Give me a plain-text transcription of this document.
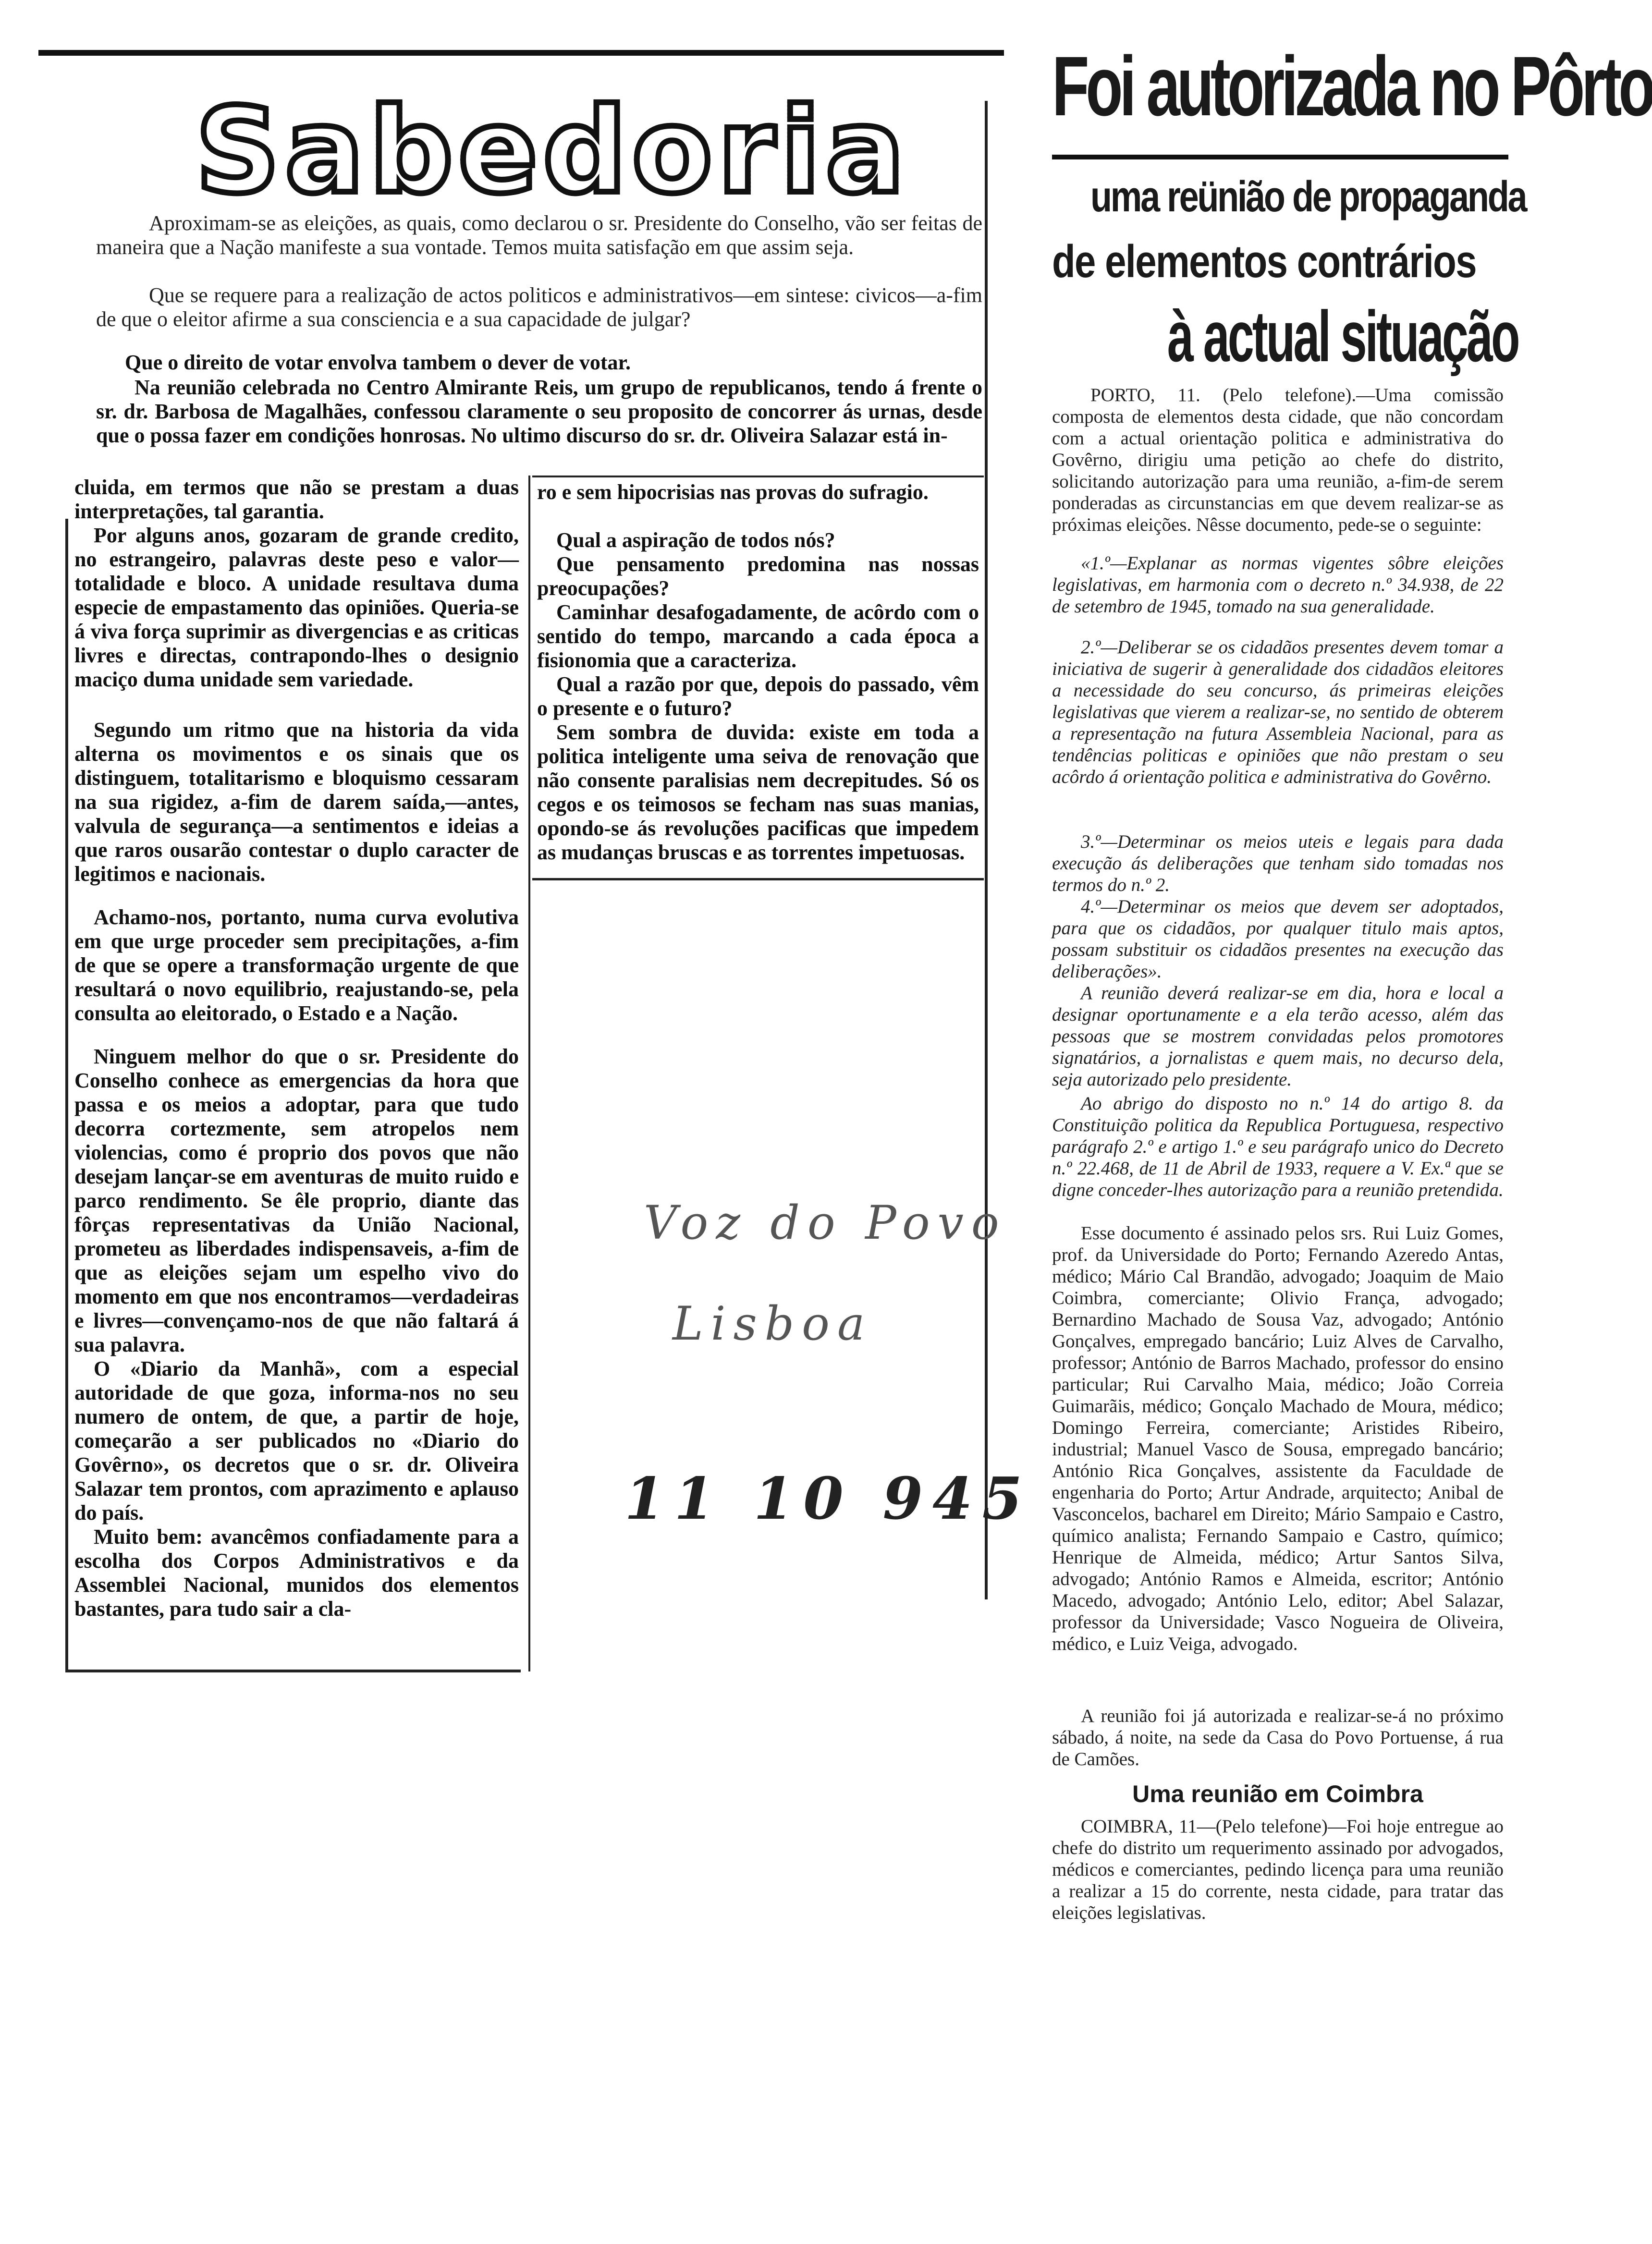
Sabedoria

Aproximam-se as eleições, as quais, como declarou o sr. Presidente do Conselho, vão ser feitas de maneira que a Nação manifeste a sua vontade. Temos muita satisfação em que assim seja.

Que se requere para a realização de actos politicos e administrativos—em sintese: civicos—a-fim de que o eleitor afirme a sua consciencia e a sua capacidade de julgar?

Que o direito de votar envolva tambem o dever de votar.

Na reunião celebrada no Centro Almirante Reis, um grupo de republicanos, tendo á frente o sr. dr. Barbosa de Magalhães, confessou claramente o seu proposito de concorrer ás urnas, desde que o possa fazer em condições honrosas. No ultimo discurso do sr. dr. Oliveira Salazar está in-

cluida, em termos que não se prestam a duas interpretações, tal garantia.

Por alguns anos, gozaram de grande credito, no estrangeiro, palavras deste peso e valor—totalidade e bloco. A unidade resultava duma especie de empastamento das opiniões. Queria-se á viva força suprimir as divergencias e as criticas livres e directas, contrapondo-lhes o designio maciço duma unidade sem variedade.

Segundo um ritmo que na historia da vida alterna os movimentos e os sinais que os distinguem, totalitarismo e bloquismo cessaram na sua rigidez, a-fim de darem saída,—antes, valvula de segurança—a sentimentos e ideias a que raros ousarão contestar o duplo caracter de legitimos e nacionais.

Achamo-nos, portanto, numa curva evolutiva em que urge proceder sem precipitações, a-fim de que se opere a transformação urgente de que resultará o novo equilibrio, reajustando-se, pela consulta ao eleitorado, o Estado e a Nação.

Ninguem melhor do que o sr. Presidente do Conselho conhece as emergencias da hora que passa e os meios a adoptar, para que tudo decorra cortezmente, sem atropelos nem violencias, como é proprio dos povos que não desejam lançar-se em aventuras de muito ruido e parco rendimento. Se êle proprio, diante das fôrças representativas da União Nacional, prometeu as liberdades indispensaveis, a-fim de que as eleições sejam um espelho vivo do momento em que nos encontramos—verdadeiras e livres—convençamo-nos de que não faltará á sua palavra.

O «Diario da Manhã», com a especial autoridade de que goza, informa-nos no seu numero de ontem, de que, a partir de hoje, começarão a ser publicados no «Diario do Govêrno», os decretos que o sr. dr. Oliveira Salazar tem prontos, com aprazimento e aplauso do país.

Muito bem: avancêmos confiadamente para a escolha dos Corpos Administrativos e da Assemblei Nacional, munidos dos elementos bastantes, para tudo sair a cla-

ro e sem hipocrisias nas provas do sufragio.

Qual a aspiração de todos nós?

Que pensamento predomina nas nossas preocupações?

Caminhar desafogadamente, de acôrdo com o sentido do tempo, marcando a cada época a fisionomia que a caracteriza.

Qual a razão por que, depois do passado, vêm o presente e o futuro?

Sem sombra de duvida: existe em toda a politica inteligente uma seiva de renovação que não consente paralisias nem decrepitudes. Só os cegos e os teimosos se fecham nas suas manias, opondo-se ás revoluções pacificas que impedem as mudanças bruscas e as torrentes impetuosas.

Voz do Povo
Lisboa
11 10 945
Foi autorizada no Pôrto
uma reünião de propaganda
de elementos contrários
à actual situação

PORTO, 11. (Pelo telefone).—Uma comissão composta de elementos desta cidade, que não concordam com a actual orientação politica e administrativa do Govêrno, dirigiu uma petição ao chefe do distrito, solicitando autorização para uma reunião, a-fim-de serem ponderadas as circunstancias em que devem realizar-se as próximas eleições. Nêsse documento, pede-se o seguinte:

«1.º—Explanar as normas vigentes sôbre eleições legislativas, em harmonia com o decreto n.º 34.938, de 22 de setembro de 1945, tomado na sua generalidade.

2.º—Deliberar se os cidadãos presentes devem tomar a iniciativa de sugerir à generalidade dos cidadãos eleitores a necessidade do seu concurso, ás primeiras eleições legislativas que vierem a realizar-se, no sentido de obterem a representação na futura Assembleia Nacional, para as tendências politicas e opiniões que não prestam o seu acôrdo á orientação politica e administrativa do Govêrno.

3.º—Determinar os meios uteis e legais para dada execução ás deliberações que tenham sido tomadas nos termos do n.º 2.

4.º—Determinar os meios que devem ser adoptados, para que os cidadãos, por qualquer titulo mais aptos, possam substituir os cidadãos presentes na execução das deliberações».

A reunião deverá realizar-se em dia, hora e local a designar oportunamente e a ela terão acesso, além das pessoas que se mostrem convidadas pelos promotores signatários, a jornalistas e quem mais, no decurso dela, seja autorizado pelo presidente.

Ao abrigo do disposto no n.º 14 do artigo 8. da Constituição politica da Republica Portuguesa, respectivo parágrafo 2.º e artigo 1.º e seu parágrafo unico do Decreto n.º 22.468, de 11 de Abril de 1933, requere a V. Ex.ª que se digne conceder-lhes autorização para a reunião pretendida.

Esse documento é assinado pelos srs. Rui Luiz Gomes, prof. da Universidade do Porto; Fernando Azeredo Antas, médico; Mário Cal Brandão, advogado; Joaquim de Maio Coimbra, comerciante; Olivio França, advogado; Bernardino Machado de Sousa Vaz, advogado; António Gonçalves, empregado bancário; Luiz Alves de Carvalho, professor; António de Barros Machado, professor do ensino particular; Rui Carvalho Maia, médico; João Correia Guimarãis, médico; Gonçalo Machado de Moura, médico; Domingo Ferreira, comerciante; Aristides Ribeiro, industrial; Manuel Vasco de Sousa, empregado bancário; António Rica Gonçalves, assistente da Faculdade de engenharia do Porto; Artur Andrade, arquitecto; Anibal de Vasconcelos, bacharel em Direito; Mário Sampaio e Castro, químico analista; Fernando Sampaio e Castro, químico; Henrique de Almeida, médico; Artur Santos Silva, advogado; António Ramos e Almeida, escritor; António Macedo, advogado; António Lelo, editor; Abel Salazar, professor da Universidade; Vasco Nogueira de Oliveira, médico, e Luiz Veiga, advogado.

A reunião foi já autorizada e realizar-se-á no próximo sábado, á noite, na sede da Casa do Povo Portuense, á rua de Camões.

Uma reunião em Coimbra

COIMBRA, 11—(Pelo telefone)—Foi hoje entregue ao chefe do distrito um requerimento assinado por advogados, médicos e comerciantes, pedindo licença para uma reunião a realizar a 15 do corrente, nesta cidade, para tratar das eleições legislativas.
